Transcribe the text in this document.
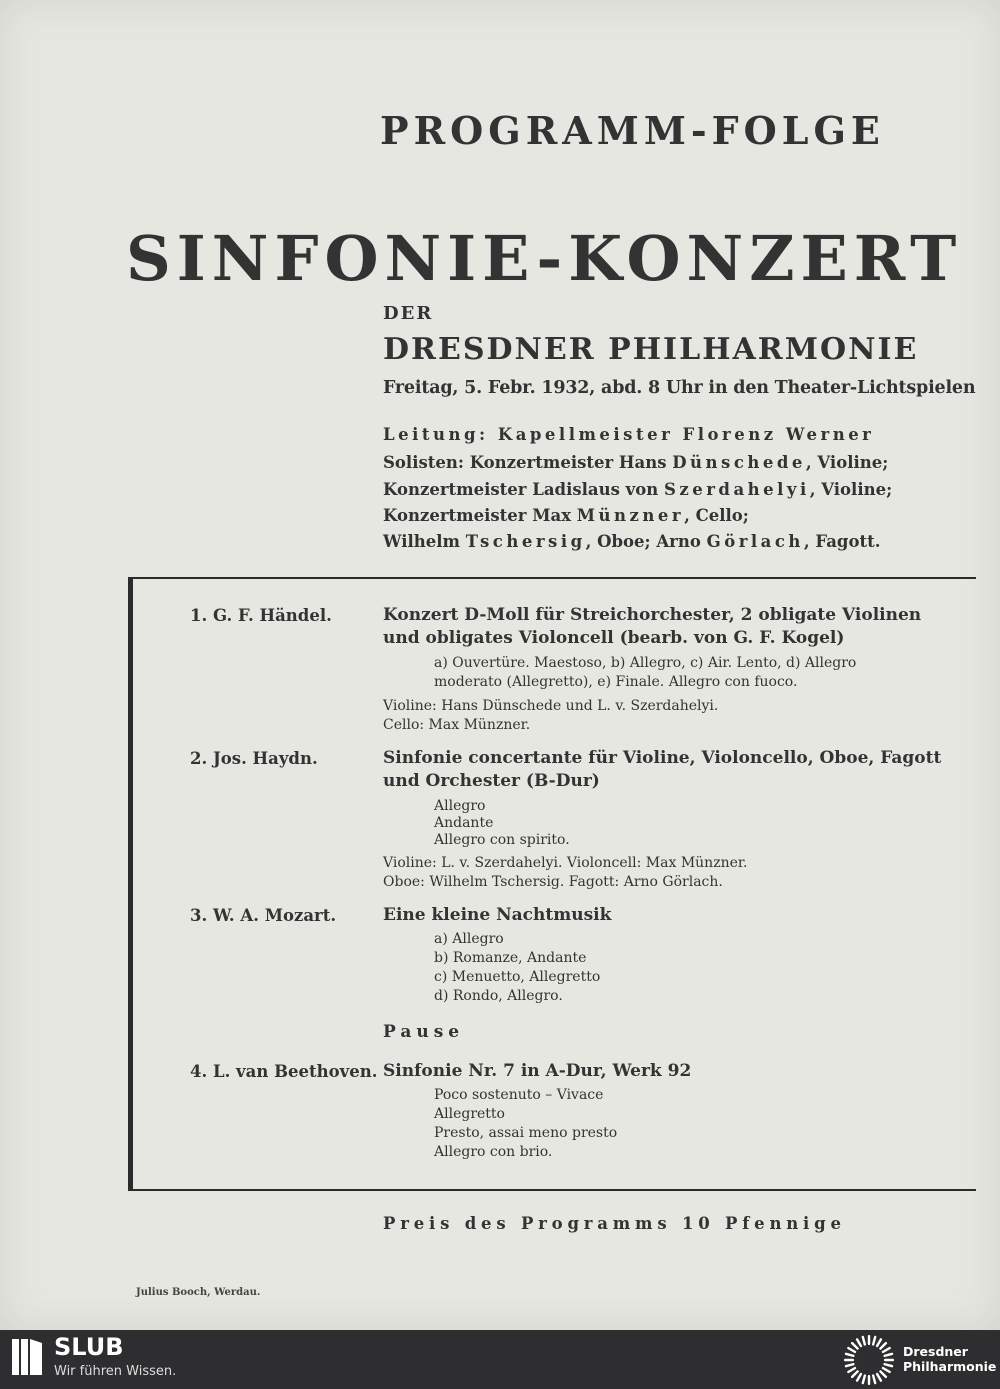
PROGRAMM-FOLGE
SINFONIE-KONZERT
DER
DRESDNER PHILHARMONIE
Freitag, 5. Febr. 1932, abd. 8 Uhr in den Theater-Lichtspielen
Leitung: Kapellmeister Florenz Werner
Solisten: Konzertmeister Hans Dünschede, Violine;
Konzertmeister Ladislaus von Szerdahelyi, Violine;
Konzertmeister Max Münzner, Cello;
Wilhelm Tschersig, Oboe; Arno Görlach, Fagott.
1. G. F. Händel.	Konzert D-Moll für Streichorchester, 2 obligate Violinen
und obligates Violoncell (bearb. von G. F. Kogel)
a) Ouvertüre. Maestoso, b) Allegro, c) Air. Lento, d) Allegro
moderato (Allegretto), e) Finale. Allegro con fuoco.
Violine: Hans Dünschede und L. v. Szerdahelyi.
Cello: Max Münzner.
2. Jos. Haydn.	Sinfonie concertante für Violine, Violoncello, Oboe, Fagott
und Orchester (B-Dur)
Allegro
Andante
Allegro con spirito.
Violine: L. v. Szerdahelyi. Violoncell: Max Münzner.
Oboe: Wilhelm Tschersig. Fagott: Arno Görlach.
3. W. A. Mozart.	Eine kleine Nachtmusik
a) Allegro
b) Romanze, Andante
c) Menuetto, Allegretto
d) Rondo, Allegro.
Pause
4. L. van Beethoven. Sinfonie Nr. 7 in A-Dur, Werk 92
Poco sostenuto – Vivace
Allegretto
Presto, assai meno presto
Allegro con brio.
Preis des Programms 10 Pfennige
Julius Booch, Werdau.
SLUB
Wir führen Wissen.
Dresdner
Philharmonie
